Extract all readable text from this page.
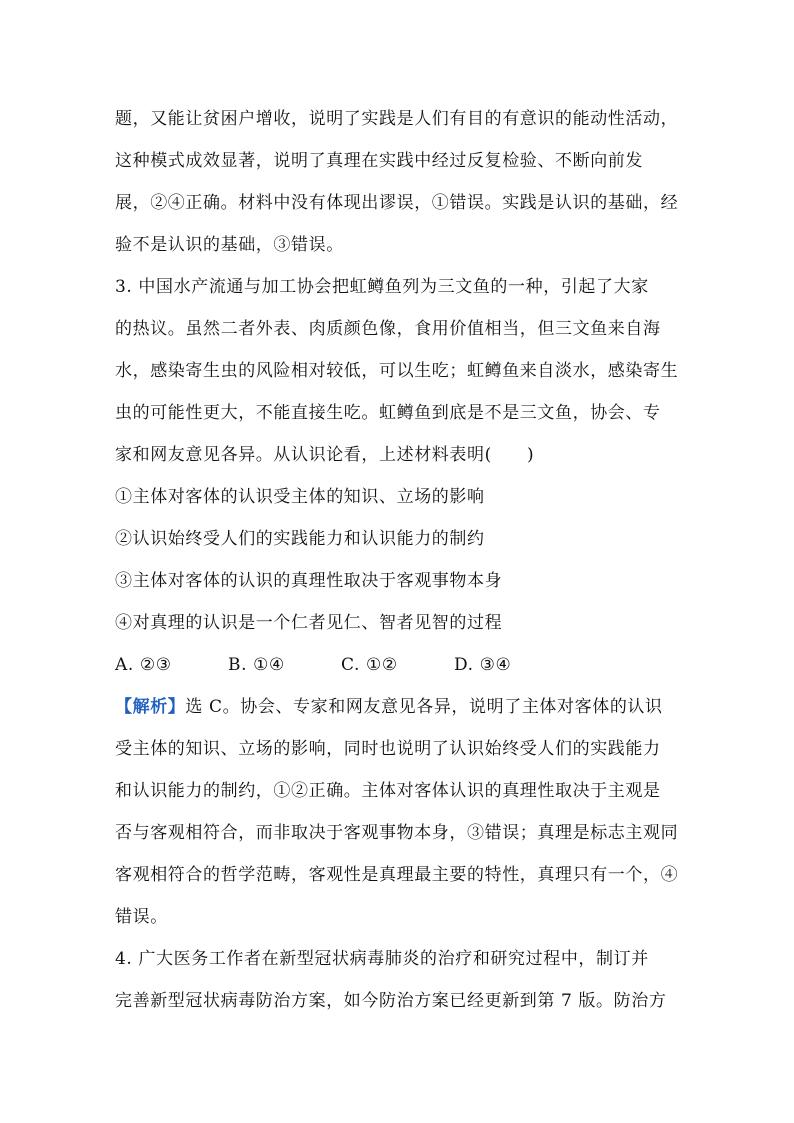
题，又能让贫困户增收，说明了实践是人们有目的有意识的能动性活动，
这种模式成效显著，说明了真理在实践中经过反复检验、不断向前发
展，②④正确。材料中没有体现出谬误，①错误。实践是认识的基础，经
验不是认识的基础，③错误。
3. 中国水产流通与加工协会把虹鳟鱼列为三文鱼的一种，引起了大家
的热议。虽然二者外表、肉质颜色像，食用价值相当，但三文鱼来自海
水，感染寄生虫的风险相对较低，可以生吃；虹鳟鱼来自淡水，感染寄生
虫的可能性更大，不能直接生吃。虹鳟鱼到底是不是三文鱼，协会、专
家和网友意见各异。从认识论看，上述材料表明(　　)
①主体对客体的认识受主体的知识、立场的影响
②认识始终受人们的实践能力和认识能力的制约
③主体对客体的认识的真理性取决于客观事物本身
④对真理的认识是一个仁者见仁、智者见智的过程
A. ②③	B. ①④	C. ①②	D. ③④
【解析】选 C。协会、专家和网友意见各异，说明了主体对客体的认识
受主体的知识、立场的影响，同时也说明了认识始终受人们的实践能力
和认识能力的制约，①②正确。主体对客体认识的真理性取决于主观是
否与客观相符合，而非取决于客观事物本身，③错误；真理是标志主观同
客观相符合的哲学范畴，客观性是真理最主要的特性，真理只有一个，④
错误。
4. 广大医务工作者在新型冠状病毒肺炎的治疗和研究过程中，制订并
完善新型冠状病毒防治方案，如今防治方案已经更新到第 7 版。防治方
